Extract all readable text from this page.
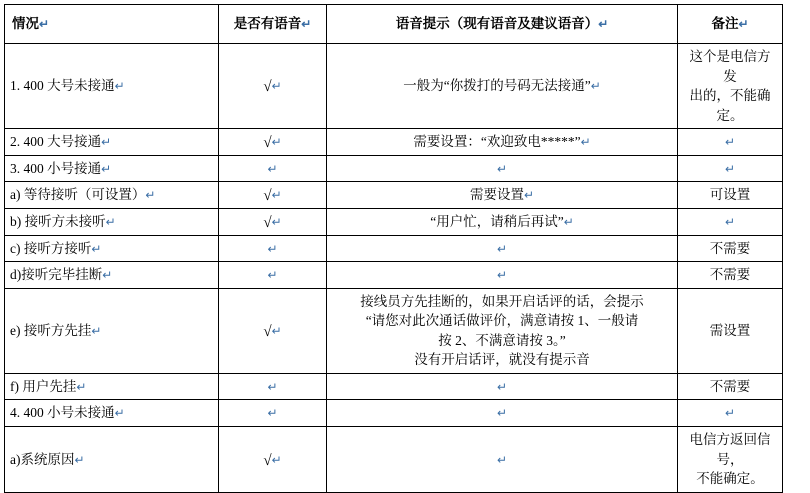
情况↵	是否有语音↵	语音提示（现有语音及建议语音）↵	备注↵
1. 400 大号未接通↵	√↵	一般为“你拨打的号码无法接通”↵	这个是电信方发
出的，不能确定。

2. 400 大号接通↵	√↵	需要设置：“欢迎致电*****”↵	↵
3. 400 小号接通↵	↵	↵	↵
a) 等待接听（可设置）↵	√↵	需要设置↵	可设置
b) 接听方未接听↵	√↵	“用户忙，请稍后再试”↵	↵
c) 接听方接听↵	↵	↵	不需要
d)接听完毕挂断↵	↵	↵	不需要
e) 接听方先挂↵	√↵	接线员方先挂断的，如果开启话评的话，会提示
“请您对此次通话做评价，满意请按 1、一般请
按 2、不满意请按 3。”
没有开启话评，就没有提示音	需设置
f) 用户先挂↵	↵	↵	不需要
4. 400 小号未接通↵	↵	↵	↵
a)系统原因↵	√↵	↵	电信方返回信号，
不能确定。
